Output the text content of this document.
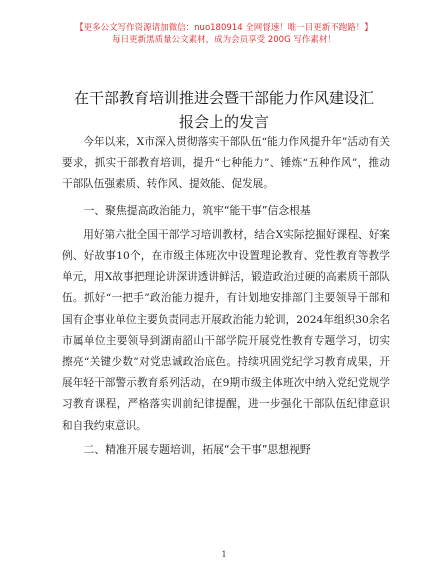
【更多公文写作资源请加微信：nuo180914 全网督速！唯一目更新不跑路！】
每日更新黑质量公文素材，成为会员享受 200G 写作素材！
在干部教育培训推进会暨干部能力作风建设汇
报会上的发言

今年以来，X市深入贯彻落实干部队伍“能力作风提升年”活动有关要求，抓实干部教育培训，提升“七种能力”、锤炼“五种作风”，推动干部队伍强素质、转作风、提效能、促发展。

一、聚焦提高政治能力，筑牢“能干事”信念根基

用好第六批全国干部学习培训教材，结合X实际挖掘好课程、好案例、好故事10个，在市级主体班次中设置理论教育、党性教育等教学单元，用X故事把理论讲深讲透讲鲜活，锻造政治过硬的高素质干部队伍。抓好“一把手”政治能力提升，有计划地安排部门主要领导干部和国有企事业单位主要负责同志开展政治能力轮训，2024年组织30余名市属单位主要领导到湖南韶山干部学院开展党性教育专题学习，切实擦亮“关键少数”对党忠诚政治底色。持续巩固党纪学习教育成果，开展年轻干部警示教育系列活动，在9期市级主体班次中纳入党纪党规学习教育课程，严格落实训前纪律提醒，进一步强化干部队伍纪律意识和自我约束意识。

二、精准开展专题培训，拓展“会干事”思想视野

1
